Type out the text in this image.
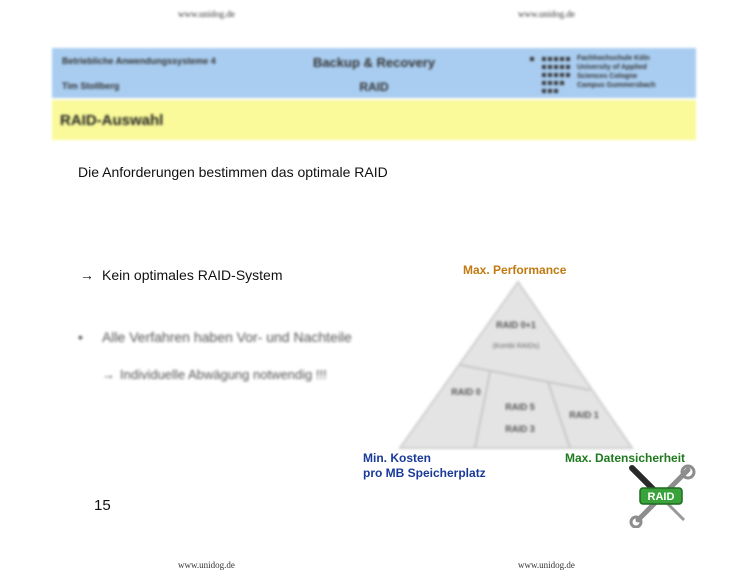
www.unidog.de	www.unidog.de
www.unidog.de	www.unidog.de
Betriebliche Anwendungssysteme 4
Tim Stollberg
Backup & Recovery
RAID
Fachhochschule Köln
University of Applied
Sciences Cologne
Campus Gummersbach
RAID-Auswahl
Die Anforderungen bestimmen das optimale RAID
→ Kein optimales RAID-System
• Alle Verfahren haben Vor- und Nachteile
→ Individuelle Abwägung notwendig !!!
15
RAID 0+1
(Kombi RAIDs)
RAID 0
RAID 5
RAID 3
RAID 1
Max. Performance
Min. Kosten
pro MB Speicherplatz
Max. Datensicherheit
RAID
